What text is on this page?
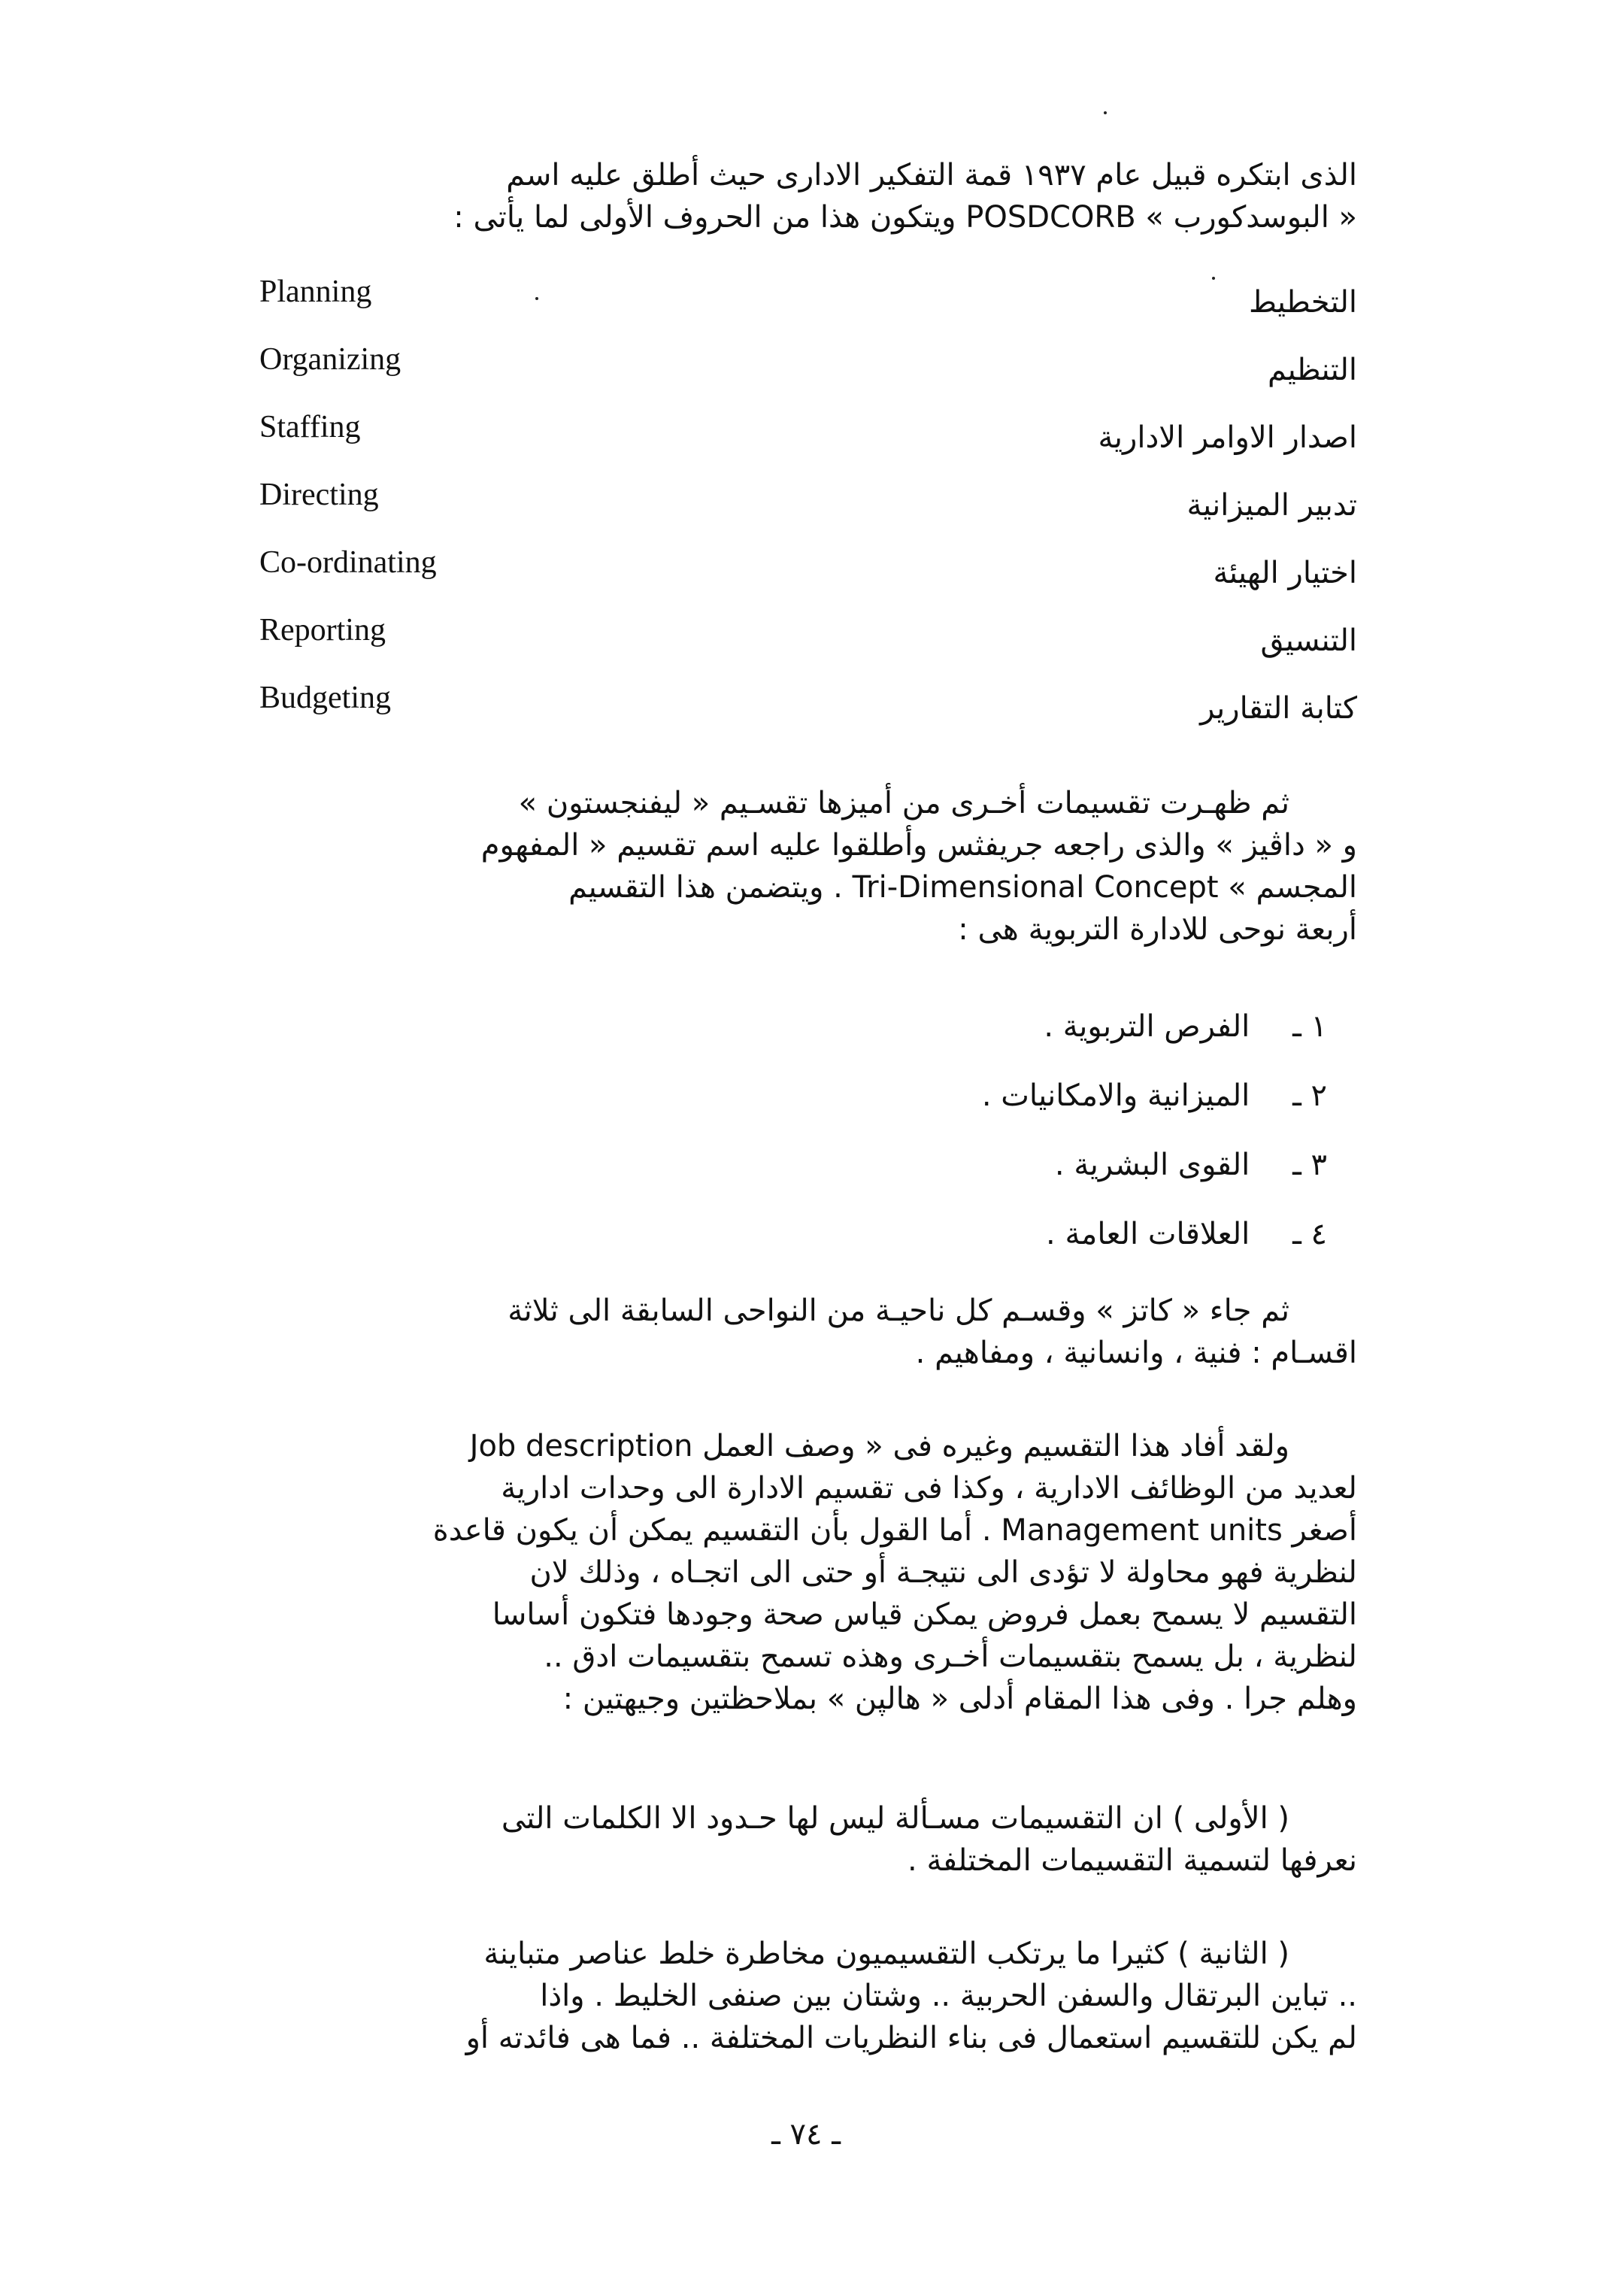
الذى ابتكره قبيل عام ١٩٣٧ قمة التفكير الادارى حيث أطلق عليه اسم
« البوسدكورب » POSDCORB ويتكون هذا من الحروف الأولى لما يأتى :
Planning	التخطيط
Organizing	التنظيم
Staffing	اصدار الاوامر الادارية
Directing	تدبير الميزانية
Co-ordinating	اختيار الهيئة
Reporting	التنسيق
Budgeting	كتابة التقارير
ثم ظهـرت تقسيمات أخـرى من أميزها تقسـيم « ليفنجستون »
و « داڤيز » والذى راجعه جريفثس وأطلقوا عليه اسم تقسيم « المفهوم
المجسم » Tri-Dimensional Concept . ويتضمن هذا التقسيم
أربعة نوحى للادارة التربوية هى :
١ ـ الفرص التربوية .
٢ ـ الميزانية والامكانيات .
٣ ـ القوى البشرية .
٤ ـ العلاقات العامة .
ثم جاء « كاتز » وقسـم كل ناحيـة من النواحى السابقة الى ثلاثة
اقسـام : فنية ، وانسانية ، ومفاهيم .
ولقد أفاد هذا التقسيم وغيره فى « وصف العمل Job description
لعديد من الوظائف الادارية ، وكذا فى تقسيم الادارة الى وحدات ادارية
أصغر Management units . أما القول بأن التقسيم يمكن أن يكون قاعدة
لنظرية فهو محاولة لا تؤدى الى نتيجـة أو حتى الى اتجـاه ، وذلك لان
التقسيم لا يسمح بعمل فروض يمكن قياس صحة وجودها فتكون أساسا
لنظرية ، بل يسمح بتقسيمات أخـرى وهذه تسمح بتقسيمات ادق ..
وهلم جرا . وفى هذا المقام أدلى « هالپن » بملاحظتين وجيهتين :
( الأولى ) ان التقسيمات مسـألة ليس لها حـدود الا الكلمات التى
نعرفها لتسمية التقسيمات المختلفة .
( الثانية ) كثيرا ما يرتكب التقسيميون مخاطرة خلط عناصر متباينة
.. تباين البرتقال والسفن الحربية .. وشتان بين صنفى الخليط . واذا
لم يكن للتقسيم استعمال فى بناء النظريات المختلفة .. فما هى فائدته أو
ـ ٧٤ ـ
